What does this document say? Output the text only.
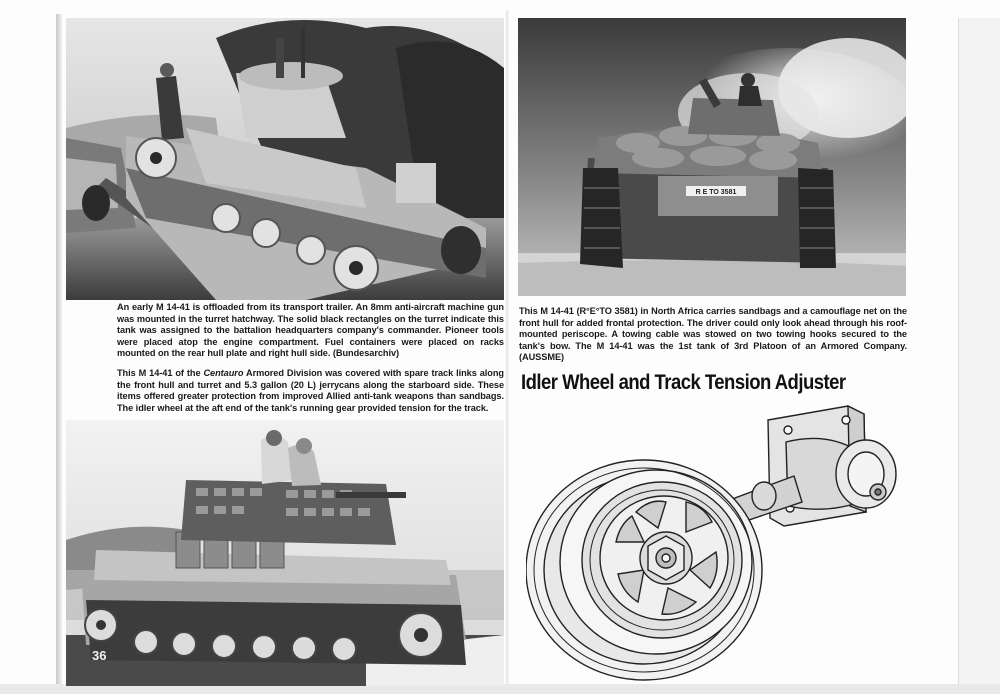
R E TO 3581

36

An early M 14-41 is offloaded from its transport trailer. An 8mm anti-aircraft machine gun was mounted in the turret hatchway. The solid black rectangles on the turret indicate this tank was assigned to the battalion headquarters company's commander. Pioneer tools were placed atop the engine compartment. Fuel containers were placed on racks mounted on the rear hull plate and right hull side. (Bundesarchiv)

This M 14-41 of the Centauro Armored Division was covered with spare track links along the front hull and turret and 5.3 gallon (20 L) jerrycans along the starboard side. These items offered greater protection from improved Allied anti-tank weapons than sandbags. The idler wheel at the aft end of the tank's running gear provided tension for the track.

This M 14-41 (R°E°TO 3581) in North Africa carries sandbags and a camouflage net on the front hull for added frontal protection. The driver could only look ahead through his roof-mounted periscope. A towing cable was stowed on two towing hooks secured to the tank's bow. The M 14-41 was the 1st tank of 3rd Platoon of an Armored Company. (AUSSME)

Idler Wheel and Track Tension Adjuster
